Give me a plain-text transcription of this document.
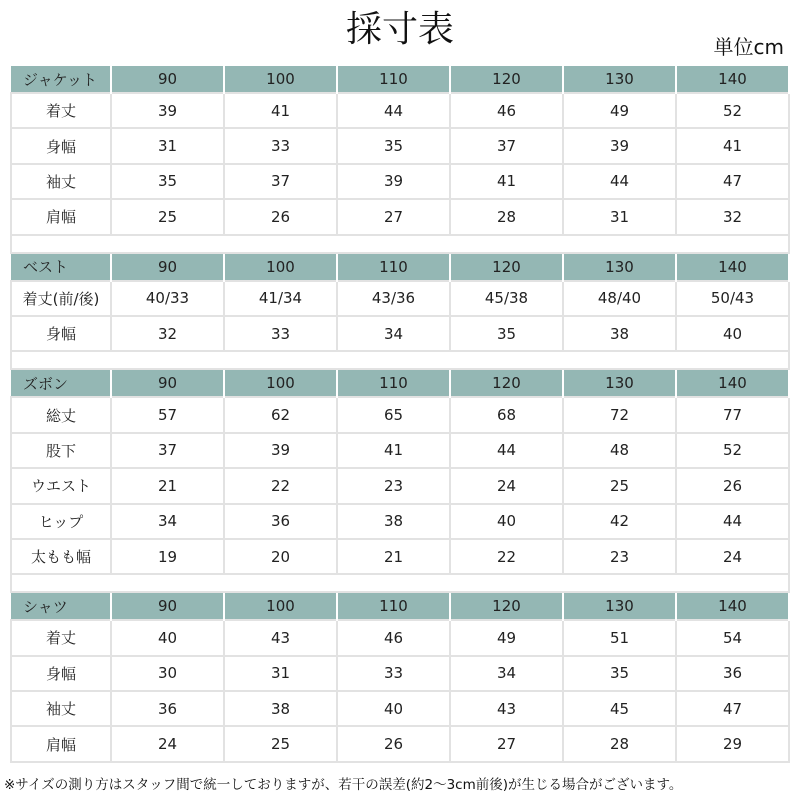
採寸表	単位cm
ジャケット	90	100	110	120	130	140
着丈	39	41	44	46	49	52
身幅	31	33	35	37	39	41
袖丈	35	37	39	41	44	47
肩幅	25	26	27	28	31	32

ベスト	90	100	110	120	130	140
着丈(前/後)	40/33	41/34	43/36	45/38	48/40	50/43
身幅	32	33	34	35	38	40

ズボン	90	100	110	120	130	140
総丈	57	62	65	68	72	77
股下	37	39	41	44	48	52
ウエスト	21	22	23	24	25	26
ヒップ	34	36	38	40	42	44
太もも幅	19	20	21	22	23	24

シャツ	90	100	110	120	130	140
着丈	40	43	46	49	51	54
身幅	30	31	33	34	35	36
袖丈	36	38	40	43	45	47
肩幅	24	25	26	27	28	29
※サイズの測り方はスタッフ間で統一しておりますが、若干の誤差(約2～3cm前後)が生じる場合がございます。
